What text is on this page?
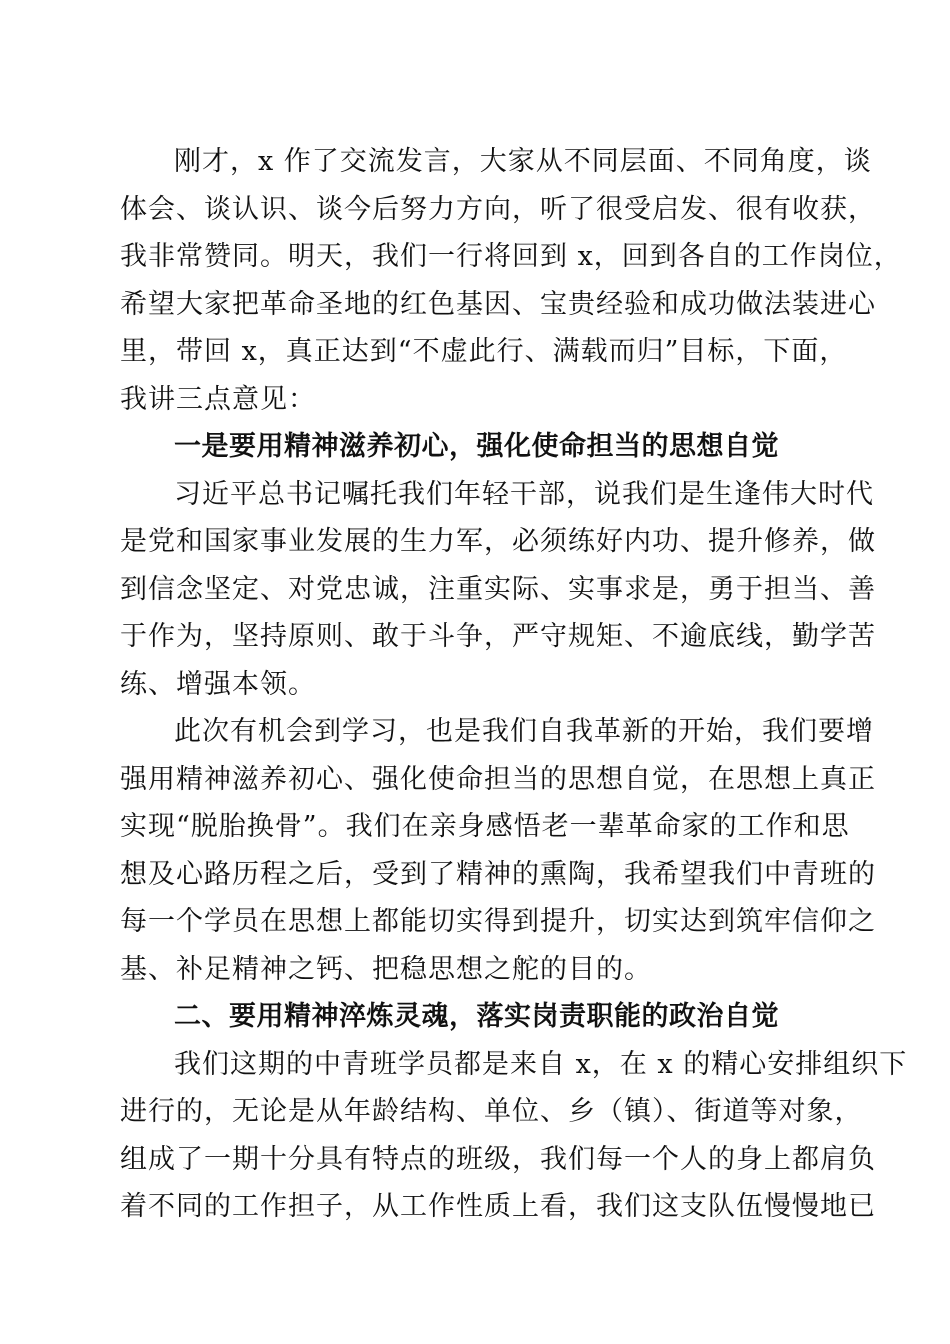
刚才，x 作了交流发言，大家从不同层面、不同角度，谈
体会、谈认识、谈今后努力方向，听了很受启发、很有收获，
我非常赞同。明天，我们一行将回到 x，回到各自的工作岗位，
希望大家把革命圣地的红色基因、宝贵经验和成功做法装进心
里，带回 x，真正达到“不虚此行、满载而归”目标，下面，
我讲三点意见：
一是要用精神滋养初心，强化使命担当的思想自觉
习近平总书记嘱托我们年轻干部，说我们是生逢伟大时代
是党和国家事业发展的生力军，必须练好内功、提升修养，做
到信念坚定、对党忠诚，注重实际、实事求是，勇于担当、善
于作为，坚持原则、敢于斗争，严守规矩、不逾底线，勤学苦
练、增强本领。
此次有机会到学习，也是我们自我革新的开始，我们要增
强用精神滋养初心、强化使命担当的思想自觉，在思想上真正
实现“脱胎换骨”。我们在亲身感悟老一辈革命家的工作和思
想及心路历程之后，受到了精神的熏陶，我希望我们中青班的
每一个学员在思想上都能切实得到提升，切实达到筑牢信仰之
基、补足精神之钙、把稳思想之舵的目的。
二、要用精神淬炼灵魂，落实岗责职能的政治自觉
我们这期的中青班学员都是来自 x，在 x 的精心安排组织下
进行的，无论是从年龄结构、单位、乡（镇）、街道等对象，
组成了一期十分具有特点的班级，我们每一个人的身上都肩负
着不同的工作担子，从工作性质上看，我们这支队伍慢慢地已
